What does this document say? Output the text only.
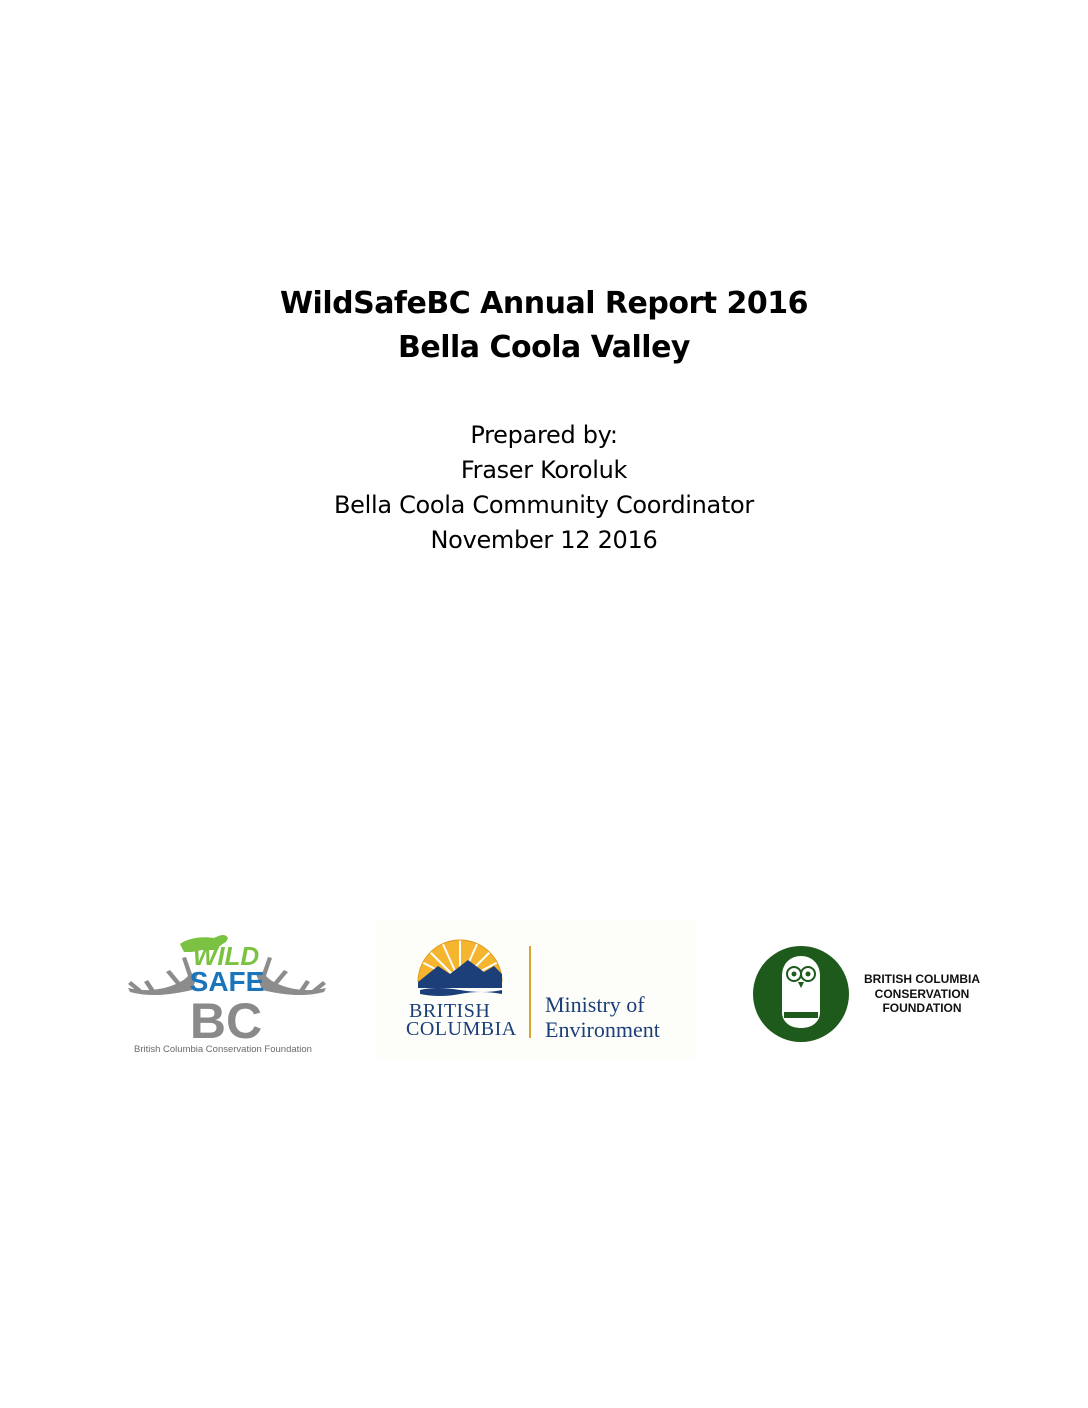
WildSafeBC Annual Report 2016
Bella Coola Valley
Prepared by:
Fraser Koroluk
Bella Coola Community Coordinator
November 12 2016
WILD
SAFE
BC
British Columbia Conservation Foundation
BRITISH
COLUMBIA
Ministry of
Environment
BRITISH COLUMBIA
CONSERVATION
FOUNDATION
